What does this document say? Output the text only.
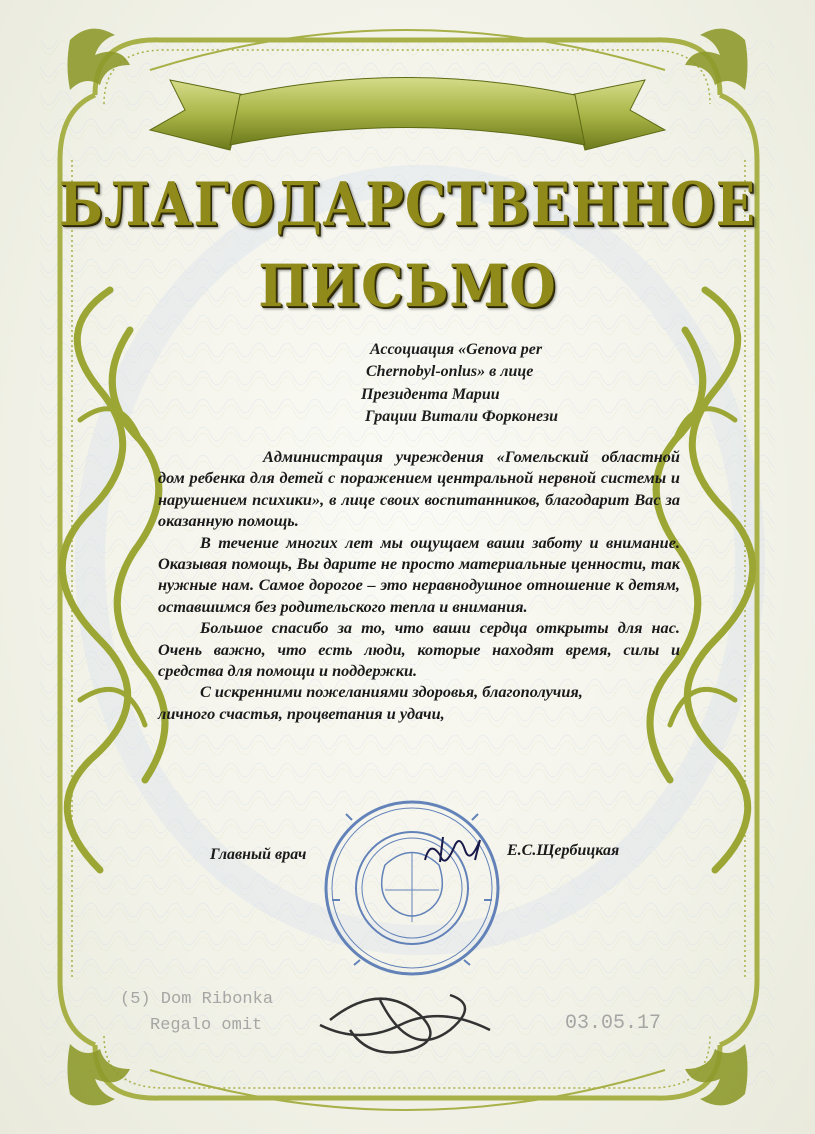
БЛАГОДАРСТВЕННОЕ
ПИСЬМО
Ассоциация «Genova per
Chernobyl-onlus» в лице
Президента Марии
Грации Витали Форконези

Администрация учреждения «Гомельский областной дом ребенка для детей с поражением центральной нервной системы и нарушением психики», в лице своих воспитанников, благодарит Вас за оказанную помощь.

В течение многих лет мы ощущаем ваши заботу и внимание. Оказывая помощь, Вы дарите не просто материальные ценности, так нужные нам. Самое дорогое – это неравнодушное отношение к детям, оставшимся без родительского тепла и внимания.

Большое спасибо за то, что ваши сердца открыты для нас. Очень важно, что есть люди, которые находят время, силы и средства для помощи и поддержки.

С искренними пожеланиями здоровья, благополучия,

личного счастья, процветания и удачи,

Главный врач	Е.С.Щербицкая
(5) Dom Ribonka
Regalo omit	03.05.17
